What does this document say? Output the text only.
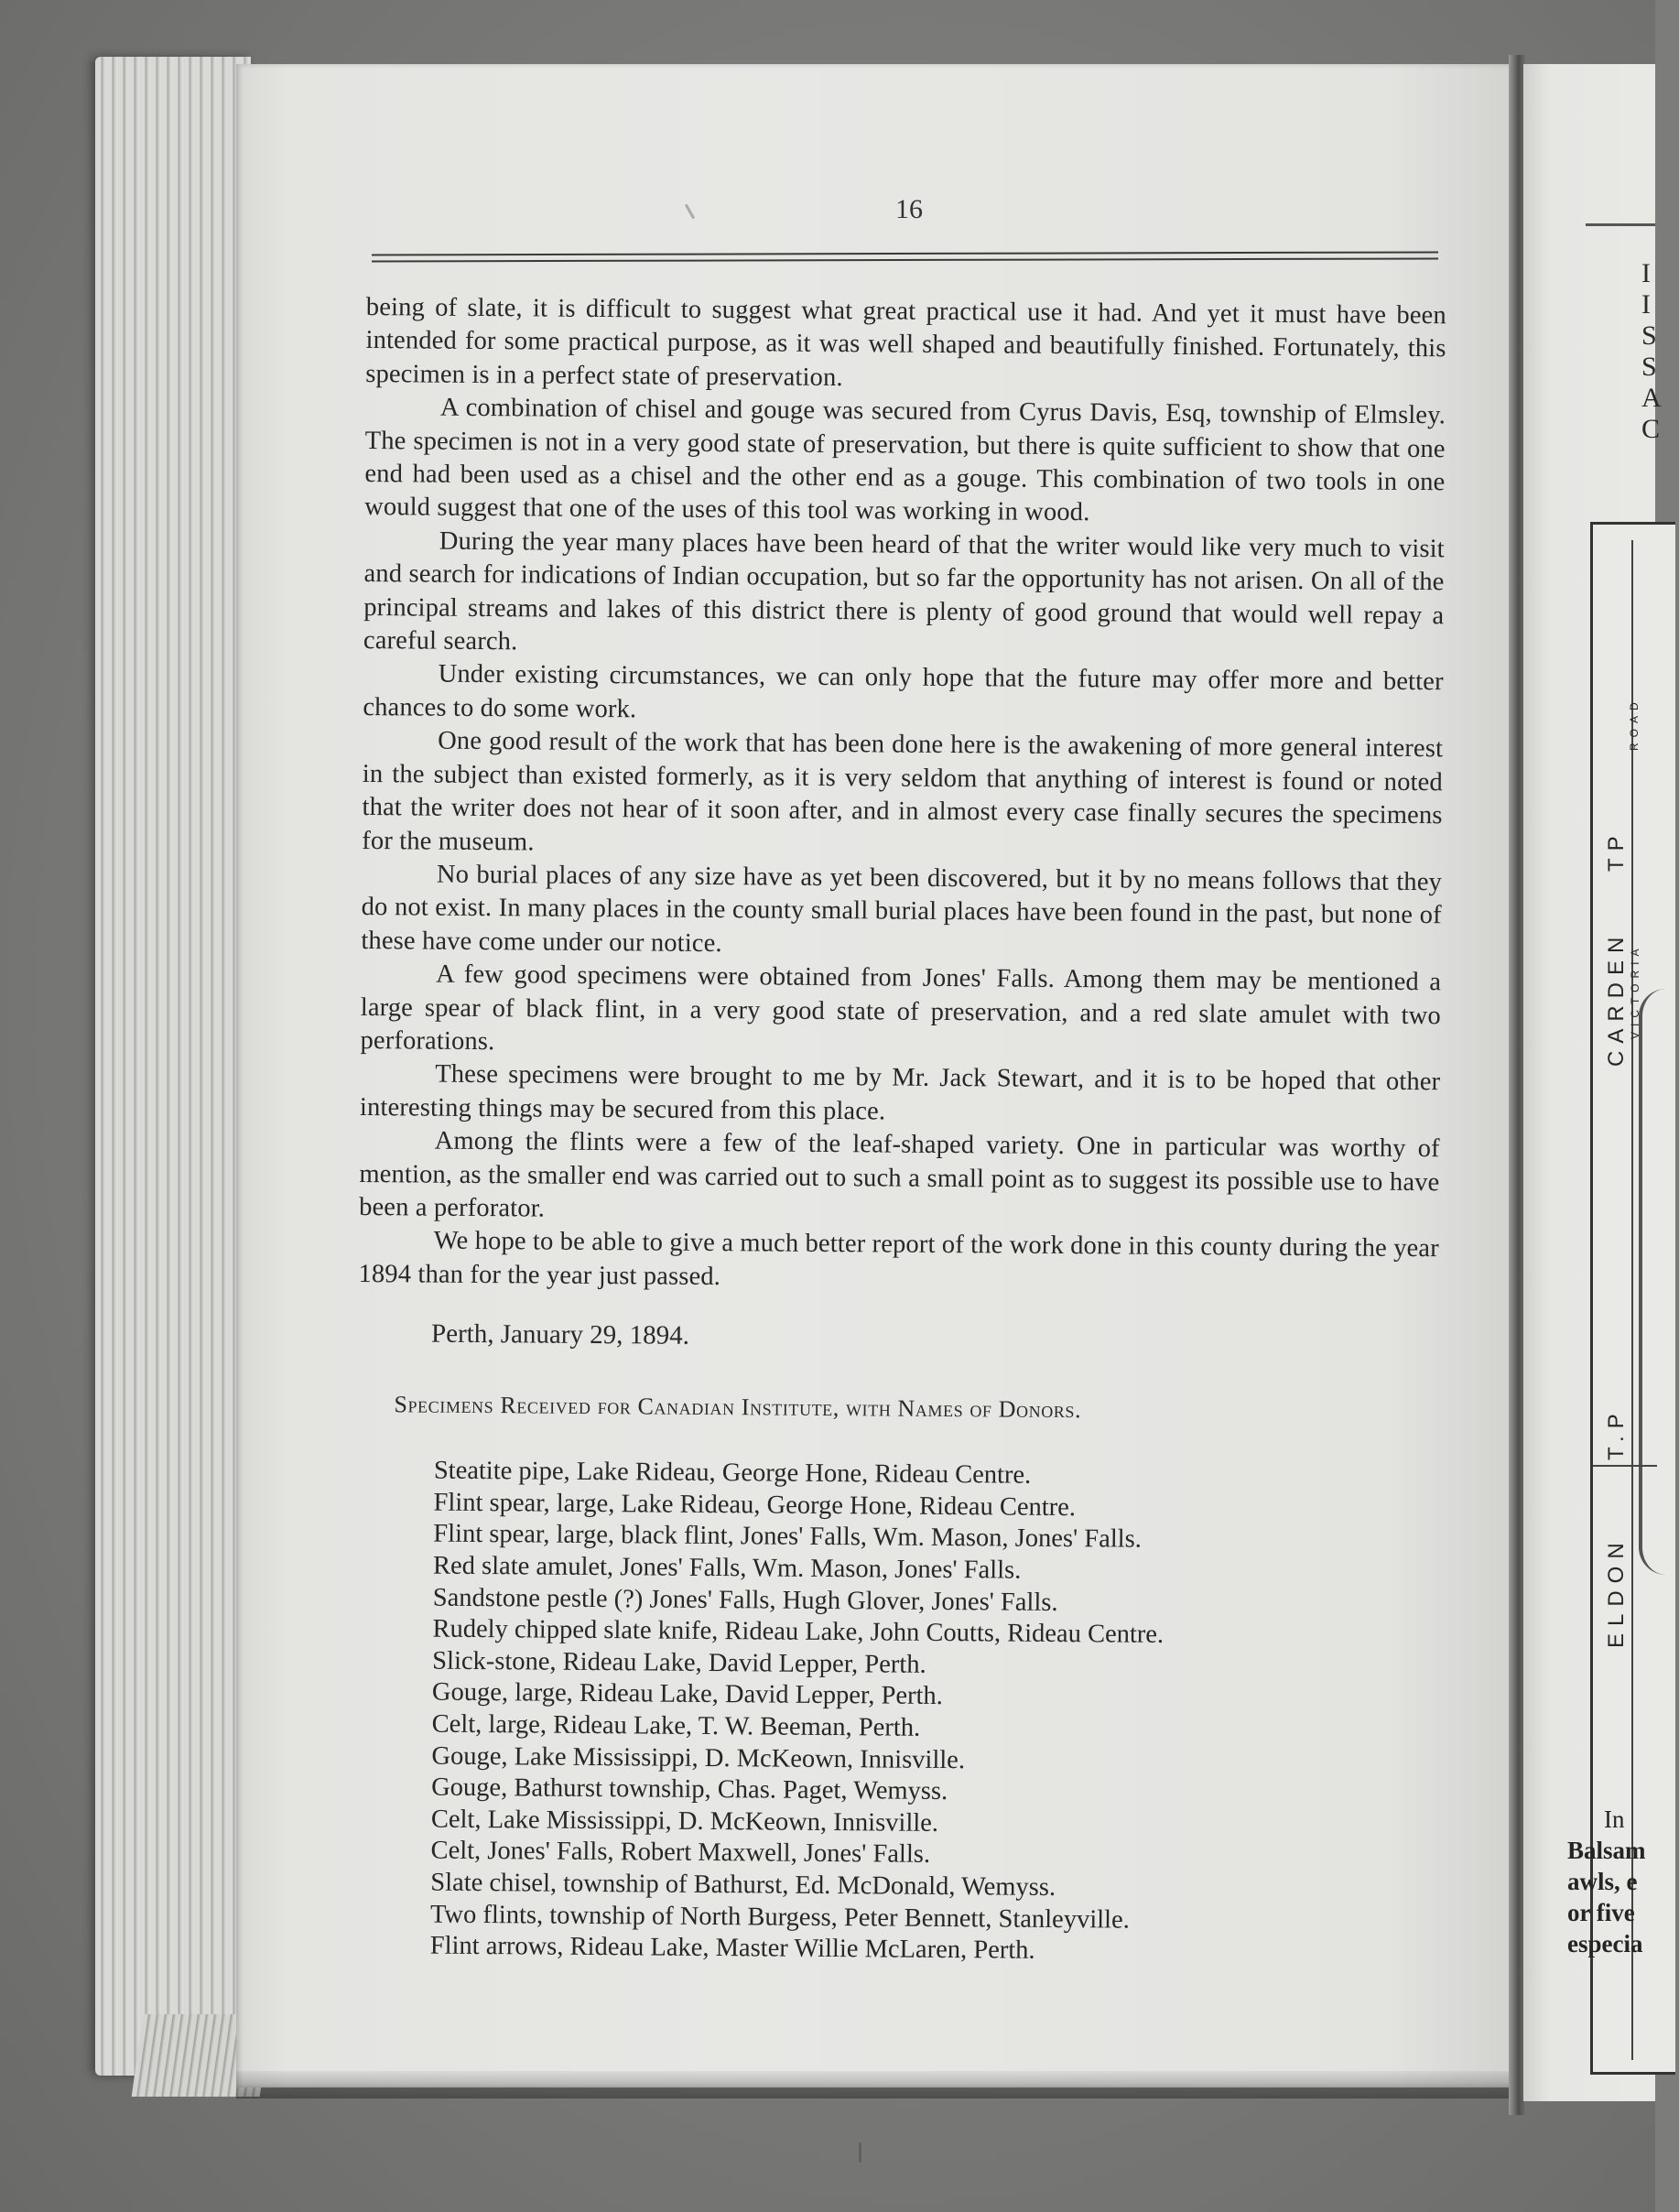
I
I
S
S
A
C
ROAD
TP
CARDEN VICTORIA
T.P
ELDON
In
Balsam
awls, e
or five
especia
16

being of slate, it is difficult to suggest what great practical use it had. And yet it must have been intended for some practical purpose, as it was well shaped and beautifully finished. Fortunately, this specimen is in a perfect state of preservation.

A combination of chisel and gouge was secured from Cyrus Davis, Esq, township of Elmsley. The specimen is not in a very good state of preservation, but there is quite sufficient to show that one end had been used as a chisel and the other end as a gouge. This combination of two tools in one would suggest that one of the uses of this tool was working in wood.

During the year many places have been heard of that the writer would like very much to visit and search for indications of Indian occupation, but so far the opportunity has not arisen. On all of the principal streams and lakes of this district there is plenty of good ground that would well repay a careful search.

Under existing circumstances, we can only hope that the future may offer more and better chances to do some work.

One good result of the work that has been done here is the awakening of more general interest in the subject than existed formerly, as it is very seldom that anything of interest is found or noted that the writer does not hear of it soon after, and in almost every case finally secures the specimens for the museum.

No burial places of any size have as yet been discovered, but it by no means follows that they do not exist. In many places in the county small burial places have been found in the past, but none of these have come under our notice.

A few good specimens were obtained from Jones' Falls. Among them may be mentioned a large spear of black flint, in a very good state of preservation, and a red slate amulet with two perforations.

These specimens were brought to me by Mr. Jack Stewart, and it is to be hoped that other interesting things may be secured from this place.

Among the flints were a few of the leaf-shaped variety. One in particular was worthy of mention, as the smaller end was carried out to such a small point as to suggest its possible use to have been a perforator.

We hope to be able to give a much better report of the work done in this county during the year 1894 than for the year just passed.

Perth, January 29, 1894.
Specimens Received for Canadian Institute, with Names of Donors.
Steatite pipe, Lake Rideau, George Hone, Rideau Centre.
Flint spear, large, Lake Rideau, George Hone, Rideau Centre.
Flint spear, large, black flint, Jones' Falls, Wm. Mason, Jones' Falls.
Red slate amulet, Jones' Falls, Wm. Mason, Jones' Falls.
Sandstone pestle (?) Jones' Falls, Hugh Glover, Jones' Falls.
Rudely chipped slate knife, Rideau Lake, John Coutts, Rideau Centre.
Slick-stone, Rideau Lake, David Lepper, Perth.
Gouge, large, Rideau Lake, David Lepper, Perth.
Celt, large, Rideau Lake, T. W. Beeman, Perth.
Gouge, Lake Mississippi, D. McKeown, Innisville.
Gouge, Bathurst township, Chas. Paget, Wemyss.
Celt, Lake Mississippi, D. McKeown, Innisville.
Celt, Jones' Falls, Robert Maxwell, Jones' Falls.
Slate chisel, township of Bathurst, Ed. McDonald, Wemyss.
Two flints, township of North Burgess, Peter Bennett, Stanleyville.
Flint arrows, Rideau Lake, Master Willie McLaren, Perth.
